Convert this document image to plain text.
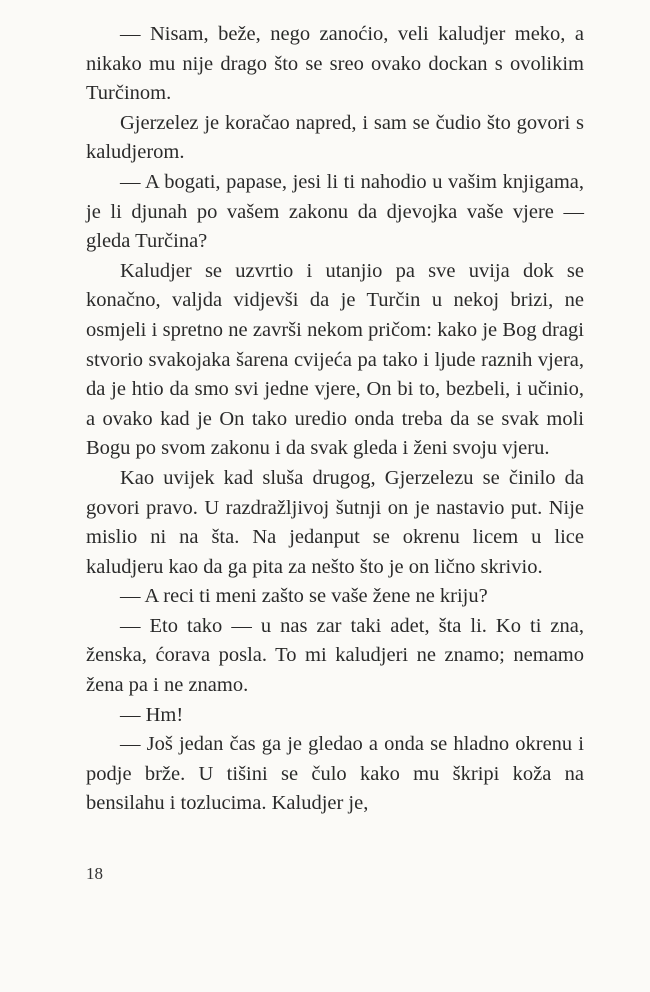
— Nisam, beže, nego zanoćio, veli kaludjer meko, a nikako mu nije drago što se sreo ovako dockan s ovolikim Turčinom.

Gjerzelez je koračao napred, i sam se čudio što govori s kaludjerom.

— A bogati, papase, jesi li ti nahodio u vašim knjigama, je li djunah po vašem zakonu da djevojka vaše vjere — gleda Turčina?

Kaludjer se uzvrtio i utanjio pa sve uvija dok se konačno, valjda vidjevši da je Turčin u nekoj brizi, ne osmjeli i spretno ne završi nekom pričom: kako je Bog dragi stvorio svakojaka šarena cvijeća pa tako i ljude raznih vjera, da je htio da smo svi jedne vjere, On bi to, bezbeli, i učinio, a ovako kad je On tako uredio onda treba da se svak moli Bogu po svom zakonu i da svak gleda i ženi svoju vjeru.

Kao uvijek kad sluša drugog, Gjerzelezu se činilo da govori pravo. U razdražljivoj šutnji on je nastavio put. Nije mislio ni na šta. Na jedanput se okrenu licem u lice kaludjeru kao da ga pita za nešto što je on lično skrivio.

— A reci ti meni zašto se vaše žene ne kriju?

— Eto tako — u nas zar taki adet, šta li. Ko ti zna, ženska, ćorava posla. To mi kaludjeri ne znamo; nemamo žena pa i ne znamo.

— Hm!

— Još jedan čas ga je gledao a onda se hladno okrenu i podje brže. U tišini se čulo kako mu škripi koža na bensilahu i tozlucima. Kaludjer je,

18
